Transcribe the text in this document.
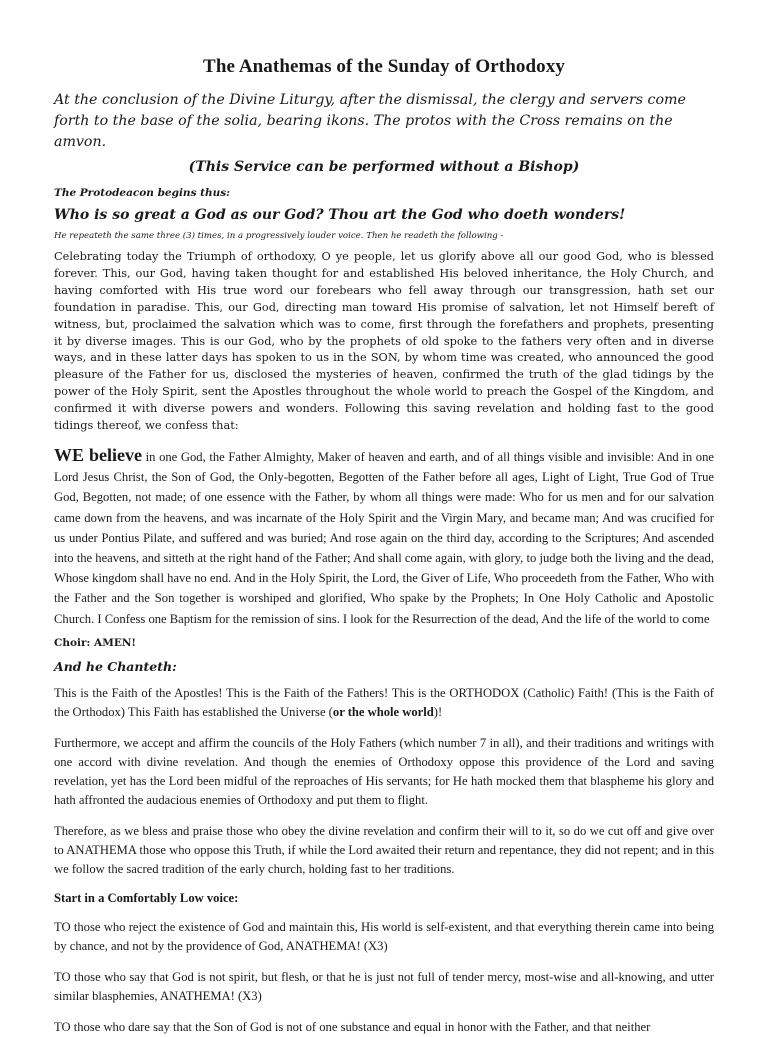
The Anathemas of the Sunday of Orthodoxy

At the conclusion of the Divine Liturgy, after the dismissal, the clergy and servers come forth to the base of the solia, bearing ikons. The protos with the Cross remains on the amvon.

(This Service can be performed without a Bishop)

The Protodeacon begins thus:

Who is so great a God as our God? Thou art the God who doeth wonders!

He repeateth the same three (3) times, in a progressively louder voice. Then he readeth the following -

Celebrating today the Triumph of orthodoxy, O ye people, let us glorify above all our good God, who is blessed forever. This, our God, having taken thought for and established His beloved inheritance, the Holy Church, and having comforted with His true word our forebears who fell away through our transgression, hath set our foundation in paradise. This, our God, directing man toward His promise of salvation, let not Himself bereft of witness, but, proclaimed the salvation which was to come, first through the forefathers and prophets, presenting it by diverse images. This is our God, who by the prophets of old spoke to the fathers very often and in diverse ways, and in these latter days has spoken to us in the SON, by whom time was created, who announced the good pleasure of the Father for us, disclosed the mysteries of heaven, confirmed the truth of the glad tidings by the power of the Holy Spirit, sent the Apostles throughout the whole world to preach the Gospel of the Kingdom, and confirmed it with diverse powers and wonders. Following this saving revelation and holding fast to the good tidings thereof, we confess that:

WE believe in one God, the Father Almighty, Maker of heaven and earth, and of all things visible and invisible: And in one Lord Jesus Christ, the Son of God, the Only-begotten, Begotten of the Father before all ages, Light of Light, True God of True God, Begotten, not made; of one essence with the Father, by whom all things were made: Who for us men and for our salvation came down from the heavens, and was incarnate of the Holy Spirit and the Virgin Mary, and became man; And was crucified for us under Pontius Pilate, and suffered and was buried; And rose again on the third day, according to the Scriptures; And ascended into the heavens, and sitteth at the right hand of the Father; And shall come again, with glory, to judge both the living and the dead, Whose kingdom shall have no end. And in the Holy Spirit, the Lord, the Giver of Life, Who proceedeth from the Father, Who with the Father and the Son together is worshiped and glorified, Who spake by the Prophets; In One Holy Catholic and Apostolic Church. I Confess one Baptism for the remission of sins. I look for the Resurrection of the dead, And the life of the world to come

Choir: AMEN!

And he Chanteth:

This is the Faith of the Apostles! This is the Faith of the Fathers! This is the ORTHODOX (Catholic) Faith! (This is the Faith of the Orthodox) This Faith has established the Universe (or the whole world)!

Furthermore, we accept and affirm the councils of the Holy Fathers (which number 7 in all), and their traditions and writings with one accord with divine revelation. And though the enemies of Orthodoxy oppose this providence of the Lord and saving revelation, yet has the Lord been midful of the reproaches of His servants; for He hath mocked them that blaspheme his glory and hath affronted the audacious enemies of Orthodoxy and put them to flight.

Therefore, as we bless and praise those who obey the divine revelation and confirm their will to it, so do we cut off and give over to ANATHEMA those who oppose this Truth, if while the Lord awaited their return and repentance, they did not repent; and in this we follow the sacred tradition of the early church, holding fast to her traditions.

Start in a Comfortably Low voice:

TO those who reject the existence of God and maintain this, His world is self-existent, and that everything therein came into being by chance, and not by the providence of God, ANATHEMA! (X3)

TO those who say that God is not spirit, but flesh, or that he is just not full of tender mercy, most-wise and all-knowing, and utter similar blasphemies, ANATHEMA! (X3)

TO those who dare say that the Son of God is not of one substance and equal in honor with the Father, and that neither
